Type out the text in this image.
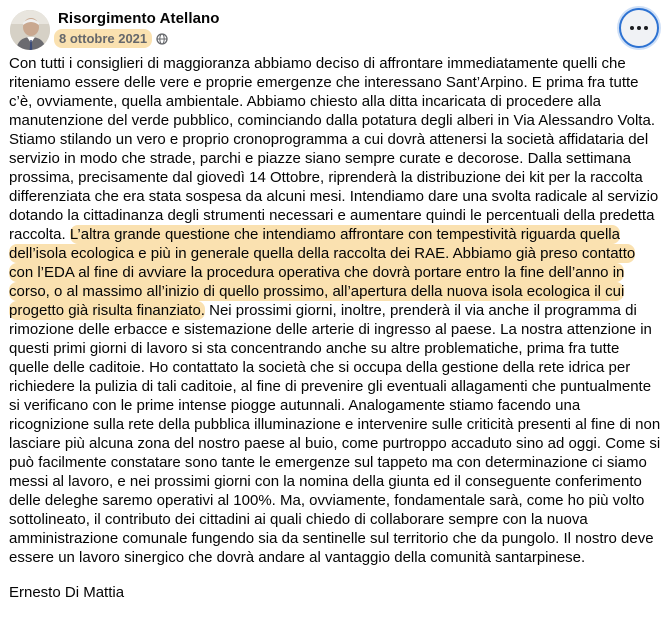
Risorgimento Atellano
8 ottobre 2021

Con tutti i consiglieri di maggioranza abbiamo deciso di affrontare immediatamente quelli che riteniamo essere delle vere e proprie emergenze che interessano Sant’Arpino. E prima fra tutte c’è, ovviamente, quella ambientale. Abbiamo chiesto alla ditta incaricata di procedere alla manutenzione del verde pubblico, cominciando dalla potatura degli alberi in Via Alessandro Volta. Stiamo stilando un vero e proprio cronoprogramma a cui dovrà attenersi la società affidataria del servizio in modo che strade, parchi e piazze siano sempre curate e decorose. Dalla settimana prossima, precisamente dal giovedì 14 Ottobre, riprenderà la distribuzione dei kit per la raccolta differenziata che era stata sospesa da alcuni mesi. Intendiamo dare una svolta radicale al servizio dotando la cittadinanza degli strumenti necessari e aumentare quindi le percentuali della predetta raccolta. L’altra grande questione che intendiamo affrontare con tempestività riguarda quella dell’isola ecologica e più in generale quella della raccolta dei RAE. Abbiamo già preso contatto con l’EDA al fine di avviare la procedura operativa che dovrà portare entro la fine dell’anno in corso, o al massimo all’inizio di quello prossimo, all’apertura della nuova isola ecologica il cui progetto già risulta finanziato. Nei prossimi giorni, inoltre, prenderà il via anche il programma di rimozione delle erbacce e sistemazione delle arterie di ingresso al paese. La nostra attenzione in questi primi giorni di lavoro si sta concentrando anche su altre problematiche, prima fra tutte quelle delle caditoie. Ho contattato la società che si occupa della gestione della rete idrica per richiedere la pulizia di tali caditoie, al fine di prevenire gli eventuali allagamenti che puntualmente si verificano con le prime intense piogge autunnali. Analogamente stiamo facendo una ricognizione sulla rete della pubblica illuminazione e intervenire sulle criticità presenti al fine di non lasciare più alcuna zona del nostro paese al buio, come purtroppo accaduto sino ad oggi. Come si può facilmente constatare sono tante le emergenze sul tappeto ma con determinazione ci siamo messi al lavoro, e nei prossimi giorni con la nomina della giunta ed il conseguente conferimento delle deleghe saremo operativi al 100%. Ma, ovviamente, fondamentale sarà, come ho più volto sottolineato, il contributo dei cittadini ai quali chiedo di collaborare sempre con la nuova amministrazione comunale fungendo sia da sentinelle sul territorio che da pungolo. Il nostro deve essere un lavoro sinergico che dovrà andare al vantaggio della comunità santarpinese.

Ernesto Di Mattia
